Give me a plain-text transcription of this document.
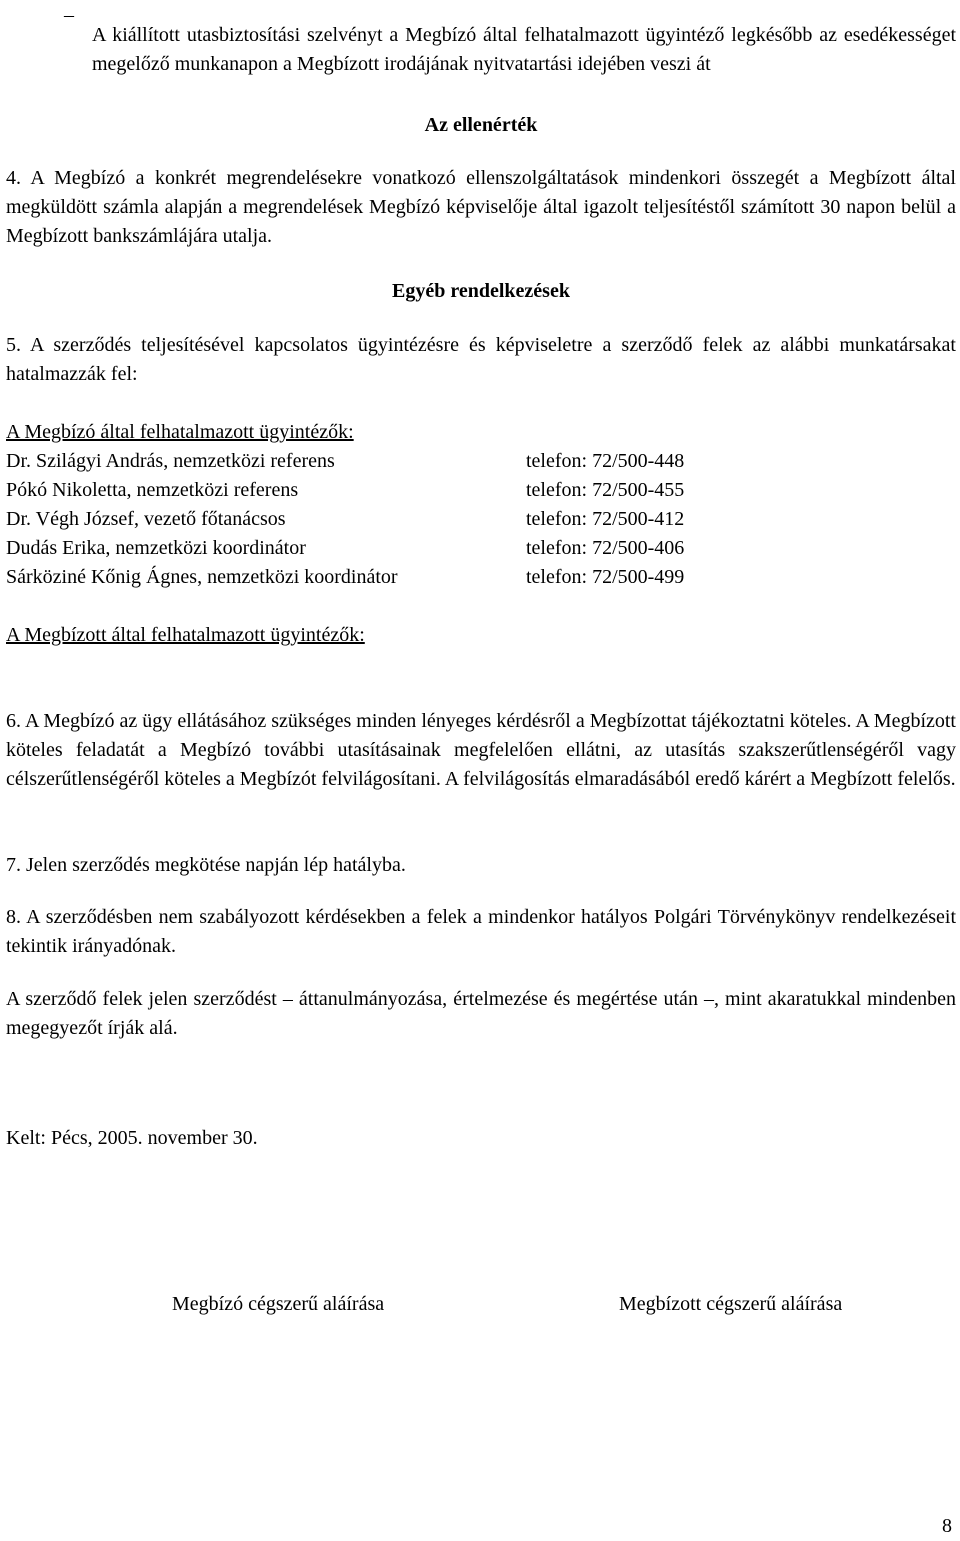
–

A kiállított utasbiztosítási szelvényt a Megbízó által felhatalmazott ügyintéző legkésőbb az esedékességet megelőző munkanapon a Megbízott irodájának nyitvatartási idejében veszi át

Az ellenérték

4. A Megbízó a konkrét megrendelésekre vonatkozó ellenszolgáltatások mindenkori összegét a Megbízott által megküldött számla alapján a megrendelések Megbízó képviselője által igazolt teljesítéstől számított 30 napon belül a Megbízott bankszámlájára utalja.

Egyéb rendelkezések

5. A szerződés teljesítésével kapcsolatos ügyintézésre és képviseletre a szerződő felek az alábbi munkatársakat hatalmazzák fel:

A Megbízó által felhatalmazott ügyintézők:

Dr. Szilágyi András, nemzetközi referens	telefon: 72/500-448
Pókó Nikoletta, nemzetközi referens	telefon: 72/500-455
Dr. Végh József, vezető főtanácsos	telefon: 72/500-412
Dudás Erika, nemzetközi koordinátor	telefon: 72/500-406
Sárköziné Kőnig Ágnes, nemzetközi koordinátor	telefon: 72/500-499

A Megbízott által felhatalmazott ügyintézők:

6. A Megbízó az ügy ellátásához szükséges minden lényeges kérdésről a Megbízottat tájékoztatni köteles. A Megbízott köteles feladatát a Megbízó további utasításainak megfelelően ellátni, az utasítás szakszerűtlenségéről vagy célszerűtlenségéről köteles a Megbízót felvilágosítani. A felvilágosítás elmaradásából eredő kárért a Megbízott felelős.

7. Jelen szerződés megkötése napján lép hatályba.

8. A szerződésben nem szabályozott kérdésekben a felek a mindenkor hatályos Polgári Törvénykönyv rendelkezéseit tekintik irányadónak.

A szerződő felek jelen szerződést – áttanulmányozása, értelmezése és megértése után –, mint akaratukkal mindenben megegyezőt írják alá.

Kelt: Pécs, 2005. november 30.

Megbízó cégszerű aláírása	Megbízott cégszerű aláírása
8
